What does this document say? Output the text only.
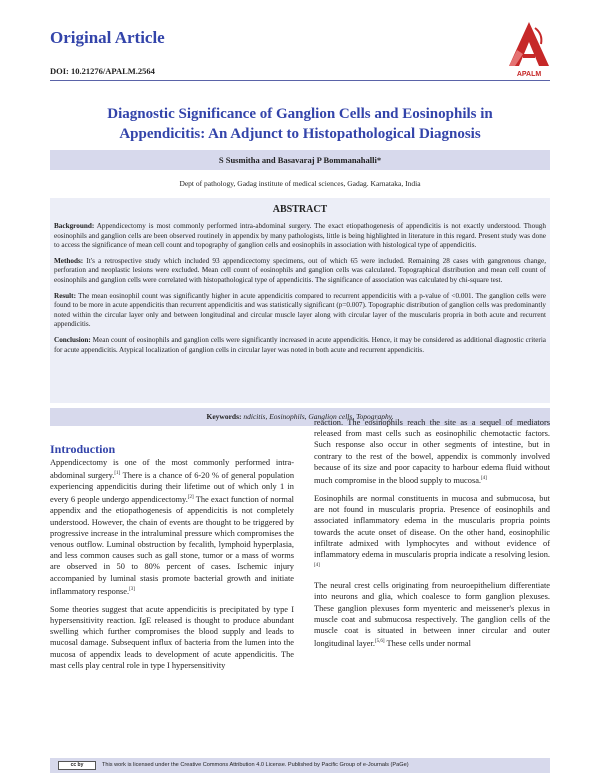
Original Article
DOI: 10.21276/APALM.2564	APALM
Diagnostic Significance of Ganglion Cells and Eosinophils in Appendicitis: An Adjunct to Histopathological Diagnosis
S Susmitha and Basavaraj P Bommanahalli*
Dept of pathology, Gadag institute of medical sciences, Gadag. Karnataka, India
ABSTRACT

Background: Appendicectomy is most commonly performed intra-abdominal surgery. The exact etiopathogenesis of appendicitis is not exactly understood. Though eosinophils and ganglion cells are been observed routinely in appendix by many pathologists, little is being highlighted in literature in this regard. Present study was done to access the significance of mean cell count and topography of ganglion cells and eosinophils in association with histological type of appendicitis.

Methods: It's a retrospective study which included 93 appendicectomy specimens, out of which 65 were included. Remaining 28 cases with gangrenous change, perforation and neoplastic lesions were excluded. Mean cell count of eosinophils and ganglion cells was calculated. Topographical distribution and mean cell count of eosinophils and ganglion cells were correlated with histopathological type of appendicitis. The significance of association was calculated by chi-square test.

Result: The mean eosinophil count was significantly higher in acute appendicitis compared to recurrent appendicitis with a p-value of <0.001. The ganglion cells were found to be more in acute appendicitis than recurrent appendicitis and was statistically significant (p=0.007). Topographic distribution of ganglion cells was predominantly noted within the circular layer only and between longitudinal and circular muscle layer along with circular layer of the muscularis propria in both acute and recurrent appendicitis.

Conclusion: Mean count of eosinophils and ganglion cells were significantly increased in acute appendicitis. Hence, it may be considered as additional diagnostic criteria for acute appendicitis. Atypical localization of ganglion cells in circular layer was noted in both acute and recurrent appendicitis.

Keywords: ndicitis, Eosinophils, Ganglion cells, Topography.
Introduction

Appendicectomy is one of the most commonly performed intra-abdominal surgery.[1] There is a chance of 6-20 % of general population experiencing appendicitis during their lifetime out of which only 1 in every 6 people undergo appendicectomy.[2] The exact function of normal appendix and the etiopathogenesis of appendicitis is not completely understood. However, the chain of events are thought to be triggered by progressive increase in the intraluminal pressure which compromises the venous outflow. Luminal obstruction by fecalith, lymphoid hyperplasia, and less common causes such as gall stone, tumor or a mass of worms are observed in 50 to 80% percent of cases. Ischemic injury accompanied by luminal stasis promote bacterial growth and initiate inflammatory response.[3]

Some theories suggest that acute appendicitis is precipitated by type I hypersensitivity reaction. IgE released is thought to produce abundant swelling which further compromises the blood supply and leads to mucosal damage. Subsequent influx of bacteria from the lumen into the mucosa of appendix leads to development of acute appendicitis. The mast cells play central role in type I hypersensitivity

reaction. The eosinophils reach the site as a sequel of mediators released from mast cells such as eosinophilic chemotactic factors. Such response also occur in other segments of intestine, but in contrary to the rest of the bowel, appendix is commonly involved because of its size and poor capacity to harbour edema fluid without much compromise in the blood supply to mucosa.[4]

Eosinophils are normal constituents in mucosa and submucosa, but are not found in muscularis propria. Presence of eosinophils and associated inflammatory edema in the muscularis propria points towards the acute onset of disease. On the other hand, eosinophilic infiltrate admixed with lymphocytes and without evidence of inflammatory edema in muscularis propria indicate a resolving lesion.[4]

The neural crest cells originating from neuroepithelium differentiate into neurons and glia, which coalesce to form ganglion plexuses. These ganglion plexuses form myenteric and meissener's plexus in muscle coat and submucosa respectively. The ganglion cells of the muscle coat is situated in between inner circular and outer longitudinal layer.[5,6] These cells under normal

cc by	This work is licensed under the Creative Commons Attribution 4.0 License. Published by Pacific Group of e-Journals (PaGe)
